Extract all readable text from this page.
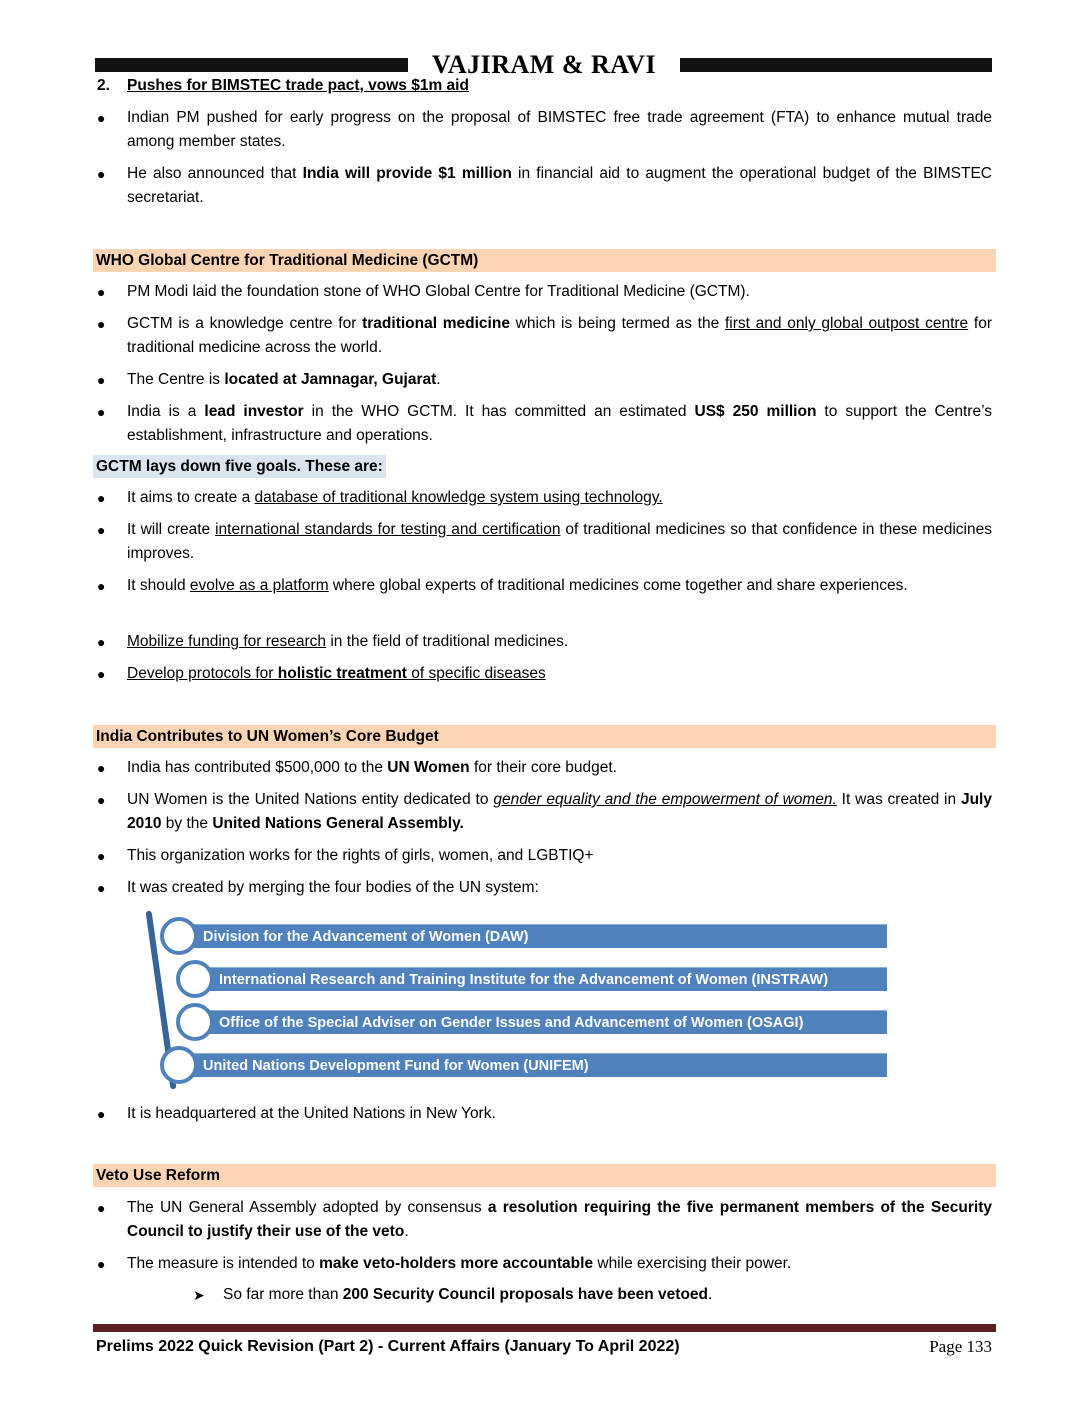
VAJIRAM & RAVI
2. Pushes for BIMSTEC trade pact, vows $1m aid
WHO Global Centre for Traditional Medicine (GCTM)
GCTM lays down five goals. These are:
India Contributes to UN Women’s Core Budget
Veto Use Reform
● Indian PM pushed for early progress on the proposal of BIMSTEC free trade agreement (FTA) to enhance mutual trade among member states.
● He also announced that India will provide $1 million in financial aid to augment the operational budget of the BIMSTEC secretariat.
● PM Modi laid the foundation stone of WHO Global Centre for Traditional Medicine (GCTM).
● GCTM is a knowledge centre for traditional medicine which is being termed as the first and only global outpost centre for traditional medicine across the world.
● The Centre is located at Jamnagar, Gujarat.
● India is a lead investor in the WHO GCTM. It has committed an estimated US$ 250 million to support the Centre’s establishment, infrastructure and operations.
● It aims to create a database of traditional knowledge system using technology.
● It will create international standards for testing and certification of traditional medicines so that confidence in these medicines improves.
● It should evolve as a platform where global experts of traditional medicines come together and share experiences.
● Mobilize funding for research in the field of traditional medicines.
● Develop protocols for holistic treatment of specific diseases
● India has contributed $500,000 to the UN Women for their core budget.
● UN Women is the United Nations entity dedicated to gender equality and the empowerment of women. It was created in July 2010 by the United Nations General Assembly.
● This organization works for the rights of girls, women, and LGBTIQ+
● It was created by merging the four bodies of the UN system:
● It is headquartered at the United Nations in New York.
● The UN General Assembly adopted by consensus a resolution requiring the five permanent members of the Security Council to justify their use of the veto.
● The measure is intended to make veto-holders more accountable while exercising their power.
Division for the Advancement of Women (DAW)
International Research and Training Institute for the Advancement of Women (INSTRAW)
Office of the Special Adviser on Gender Issues and Advancement of Women (OSAGI)
United Nations Development Fund for Women (UNIFEM)
➤ So far more than 200 Security Council proposals have been vetoed.
Prelims 2022 Quick Revision (Part 2) - Current Affairs (January To April 2022)	Page 133
